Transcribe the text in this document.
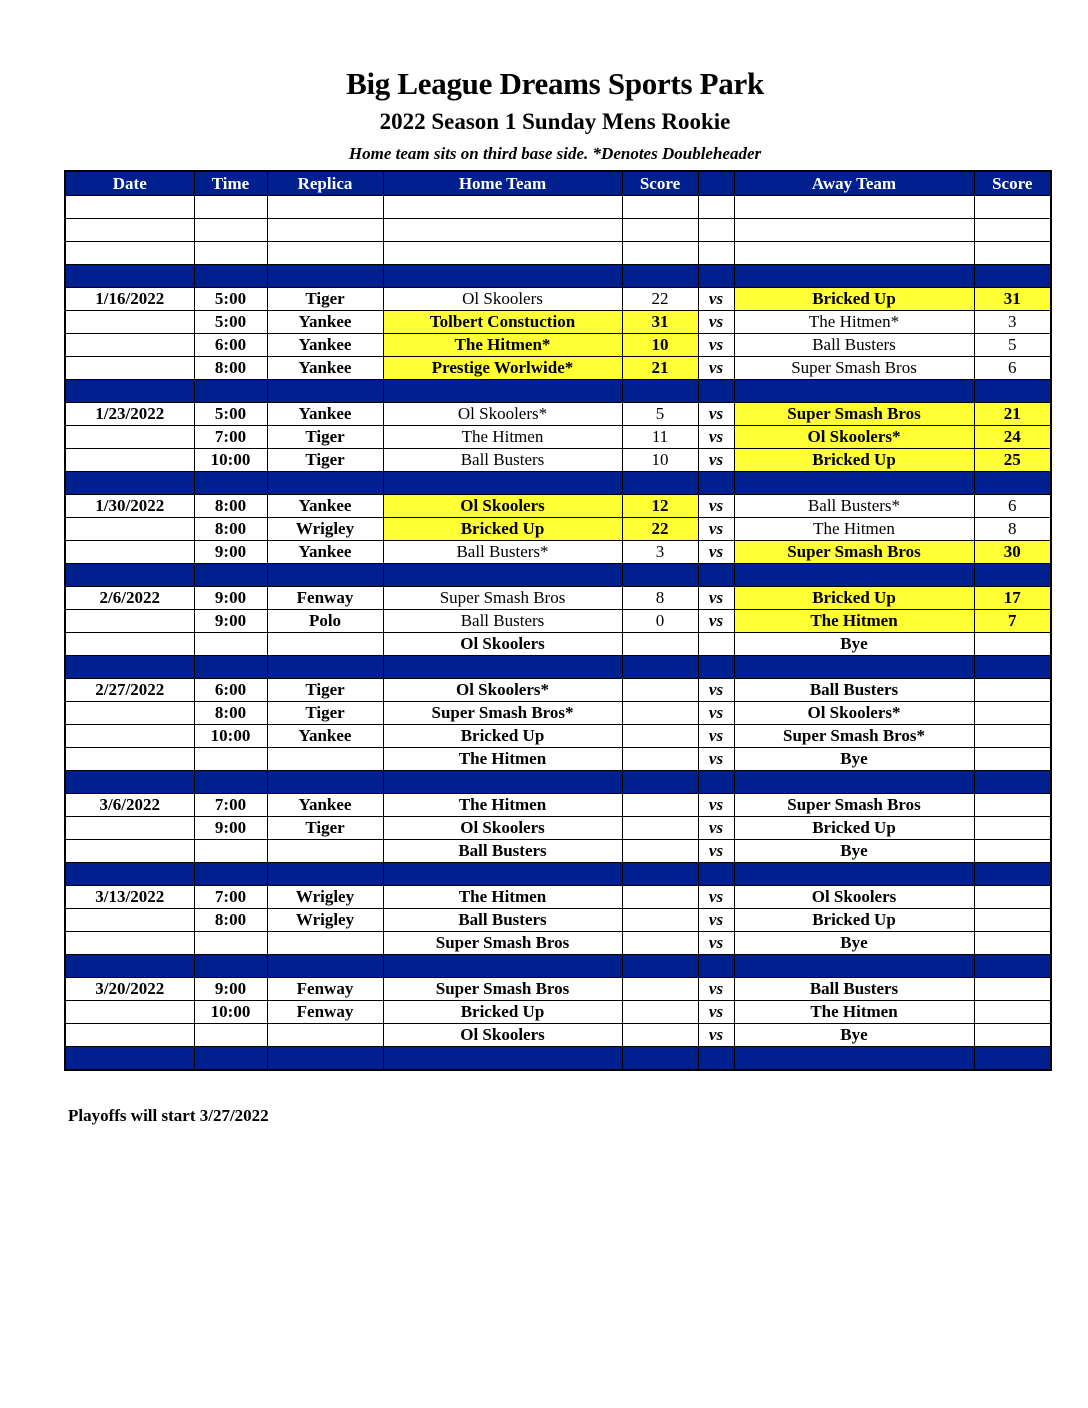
Big League Dreams Sports Park
2022 Season 1 Sunday Mens Rookie
Home team sits on third base side. *Denotes Doubleheader
Date	Time	Replica	Home Team	Score		Away Team	Score

1/16/2022	5:00	Tiger	Ol Skoolers	22	vs	Bricked Up	31
	5:00	Yankee	Tolbert Constuction	31	vs	The Hitmen*	3
	6:00	Yankee	The Hitmen*	10	vs	Ball Busters	5
	8:00	Yankee	Prestige Worlwide*	21	vs	Super Smash Bros	6

1/23/2022	5:00	Yankee	Ol Skoolers*	5	vs	Super Smash Bros	21
	7:00	Tiger	The Hitmen	11	vs	Ol Skoolers*	24
	10:00	Tiger	Ball Busters	10	vs	Bricked Up	25

1/30/2022	8:00	Yankee	Ol Skoolers	12	vs	Ball Busters*	6
	8:00	Wrigley	Bricked Up	22	vs	The Hitmen	8
	9:00	Yankee	Ball Busters*	3	vs	Super Smash Bros	30

2/6/2022	9:00	Fenway	Super Smash Bros	8	vs	Bricked Up	17
	9:00	Polo	Ball Busters	0	vs	The Hitmen	7
			Ol Skoolers			Bye	

2/27/2022	6:00	Tiger	Ol Skoolers*		vs	Ball Busters	
	8:00	Tiger	Super Smash Bros*		vs	Ol Skoolers*	
	10:00	Yankee	Bricked Up		vs	Super Smash Bros*	
			The Hitmen		vs	Bye	

3/6/2022	7:00	Yankee	The Hitmen		vs	Super Smash Bros	
	9:00	Tiger	Ol Skoolers		vs	Bricked Up	
			Ball Busters		vs	Bye	

3/13/2022	7:00	Wrigley	The Hitmen		vs	Ol Skoolers	
	8:00	Wrigley	Ball Busters		vs	Bricked Up	
			Super Smash Bros		vs	Bye	

3/20/2022	9:00	Fenway	Super Smash Bros		vs	Ball Busters	
	10:00	Fenway	Bricked Up		vs	The Hitmen	
			Ol Skoolers		vs	Bye	

Playoffs will start 3/27/2022
